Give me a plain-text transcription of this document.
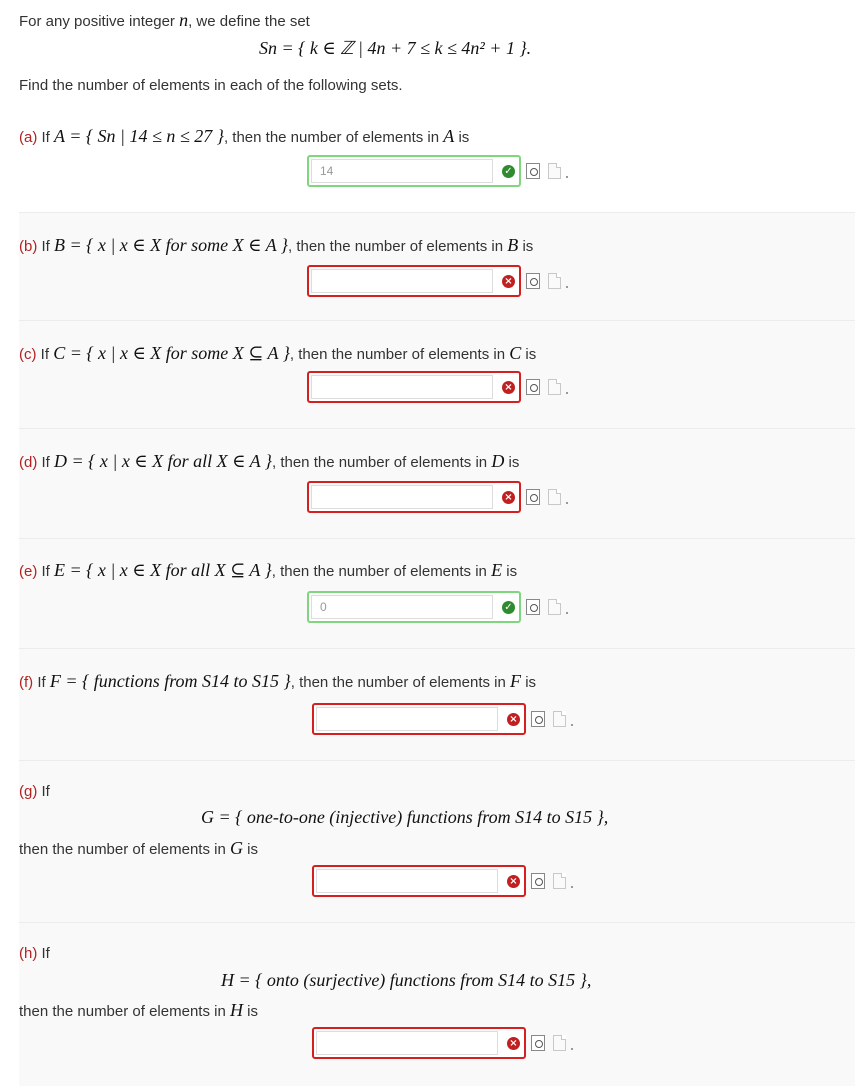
For any positive integer n, we define the set
Sn = { k ∈ ℤ | 4n + 7 ≤ k ≤ 4n² + 1 }.
Find the number of elements in each of the following sets.
(a) If A = { Sn | 14 ≤ n ≤ 27 }, then the number of elements in A is
14
✓
(b) If B = { x | x ∈ X for some X ∈ A }, then the number of elements in B is
×
(c) If C = { x | x ∈ X for some X ⊆ A }, then the number of elements in C is
×
(d) If D = { x | x ∈ X for all X ∈ A }, then the number of elements in D is
×
(e) If E = { x | x ∈ X for all X ⊆ A }, then the number of elements in E is
0
✓
(f) If F = { functions from S14 to S15 }, then the number of elements in F is
×
(g) If
G = { one-to-one (injective) functions from S14 to S15 },
then the number of elements in G is
×
(h) If
H = { onto (surjective) functions from S14 to S15 },
then the number of elements in H is
×
